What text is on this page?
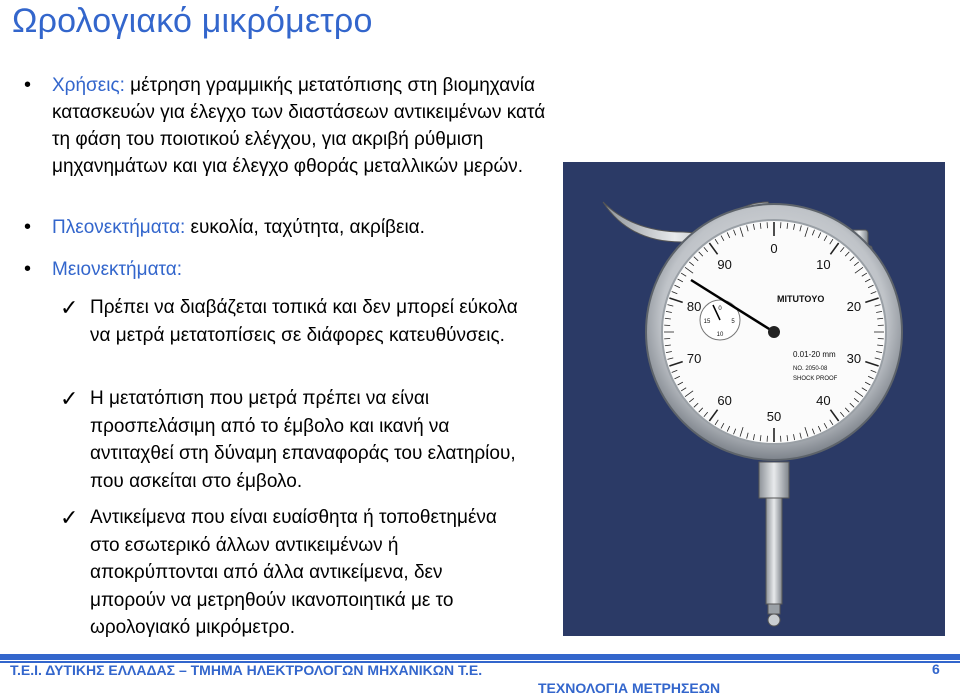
Ωρολογιακό μικρόμετρο
• Χρήσεις: μέτρηση γραμμικής μετατόπισης στη βιομηχανία κατασκευών για έλεγχο των διαστάσεων αντικειμένων κατά τη φάση του ποιοτικού ελέγχου, για ακριβή ρύθμιση μηχανημάτων και για έλεγχο φθοράς μεταλλικών μερών.
• Πλεονεκτήματα: ευκολία, ταχύτητα, ακρίβεια.
• Μειονεκτήματα:
✓ Πρέπει να διαβάζεται τοπικά και δεν μπορεί εύκολα να μετρά μετατοπίσεις σε διάφορες κατευθύνσεις.
✓ Η μετατόπιση που μετρά πρέπει να είναι προσπελάσιμη από το έμβολο και ικανή να αντιταχθεί στη δύναμη επαναφοράς του ελατηρίου, που ασκείται στο έμβολο.
✓ Αντικείμενα που είναι ευαίσθητα ή τοποθετημένα στο εσωτερικό άλλων αντικειμένων ή αποκρύπτονται από άλλα αντικείμενα, δεν μπορούν να μετρηθούν ικανοποιητικά με το ωρολογιακό μικρόμετρο.
0
10
20
30
40
50
60
70
80
90
0
5
10
15
MITUTOYO
0.01-20 mm
NO. 2050-08
SHOCK PROOF
Τ.Ε.Ι. ΔΥΤΙΚΗΣ ΕΛΛΑΔΑΣ – ΤΜΗΜΑ ΗΛΕΚΤΡΟΛΟΓΩΝ ΜΗΧΑΝΙΚΩΝ Τ.Ε.
ΤΕΧΝΟΛΟΓΙΑ ΜΕΤΡΗΣΕΩΝ
6
